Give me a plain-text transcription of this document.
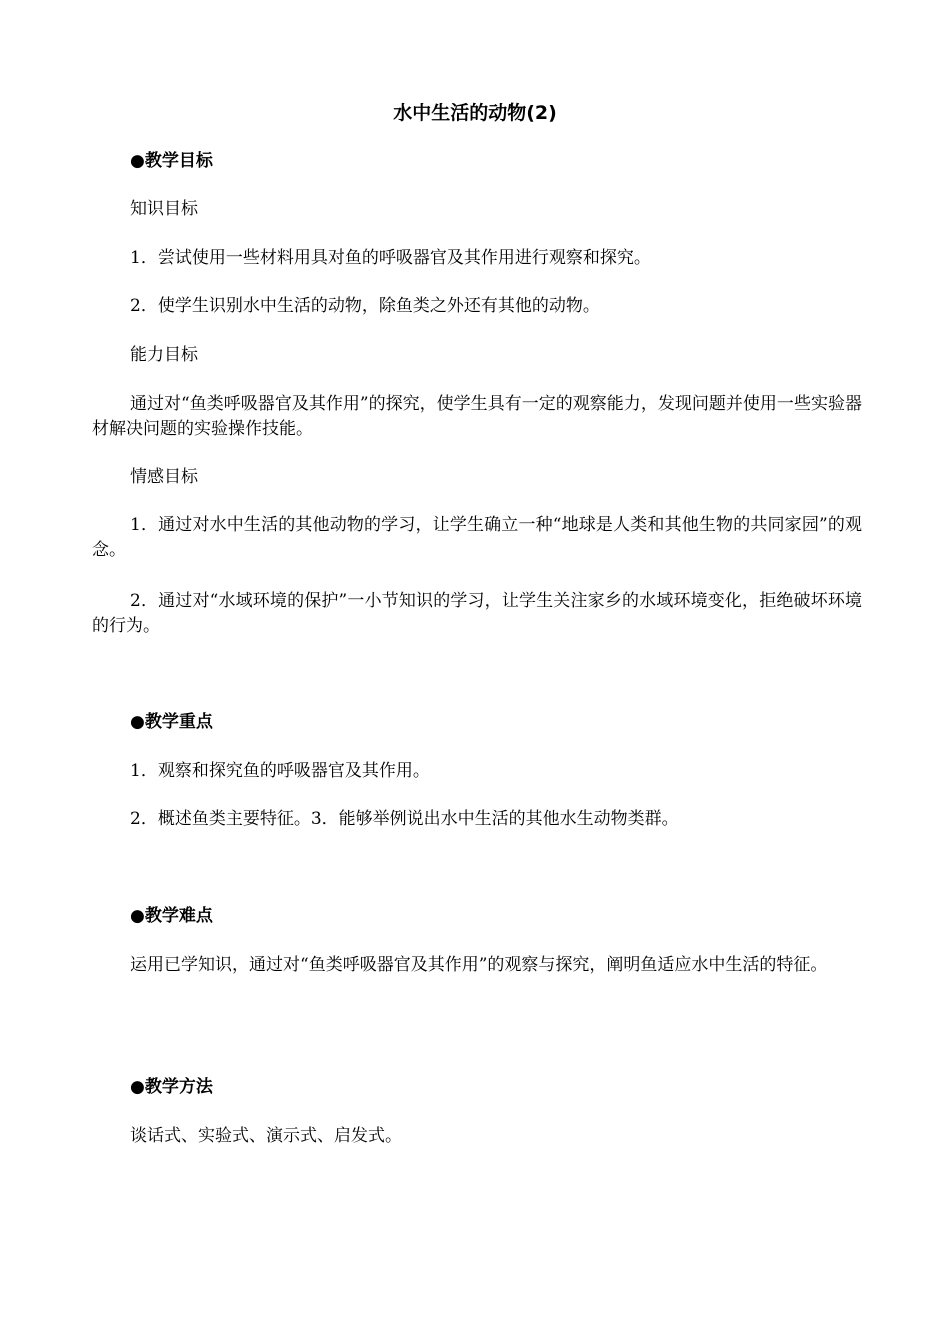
水中生活的动物(2)
●教学目标
知识目标
1．尝试使用一些材料用具对鱼的呼吸器官及其作用进行观察和探究。
2．使学生识别水中生活的动物，除鱼类之外还有其他的动物。
能力目标
通过对“鱼类呼吸器官及其作用”的探究，使学生具有一定的观察能力，发现问题并使用一些实验器材解决问题的实验操作技能。
情感目标
1．通过对水中生活的其他动物的学习，让学生确立一种“地球是人类和其他生物的共同家园”的观念。
2．通过对“水域环境的保护”一小节知识的学习，让学生关注家乡的水域环境变化，拒绝破坏环境的行为。
●教学重点
1．观察和探究鱼的呼吸器官及其作用。
2．概述鱼类主要特征。3．能够举例说出水中生活的其他水生动物类群。
●教学难点
运用已学知识，通过对“鱼类呼吸器官及其作用”的观察与探究，阐明鱼适应水中生活的特征。
●教学方法
谈话式、实验式、演示式、启发式。
